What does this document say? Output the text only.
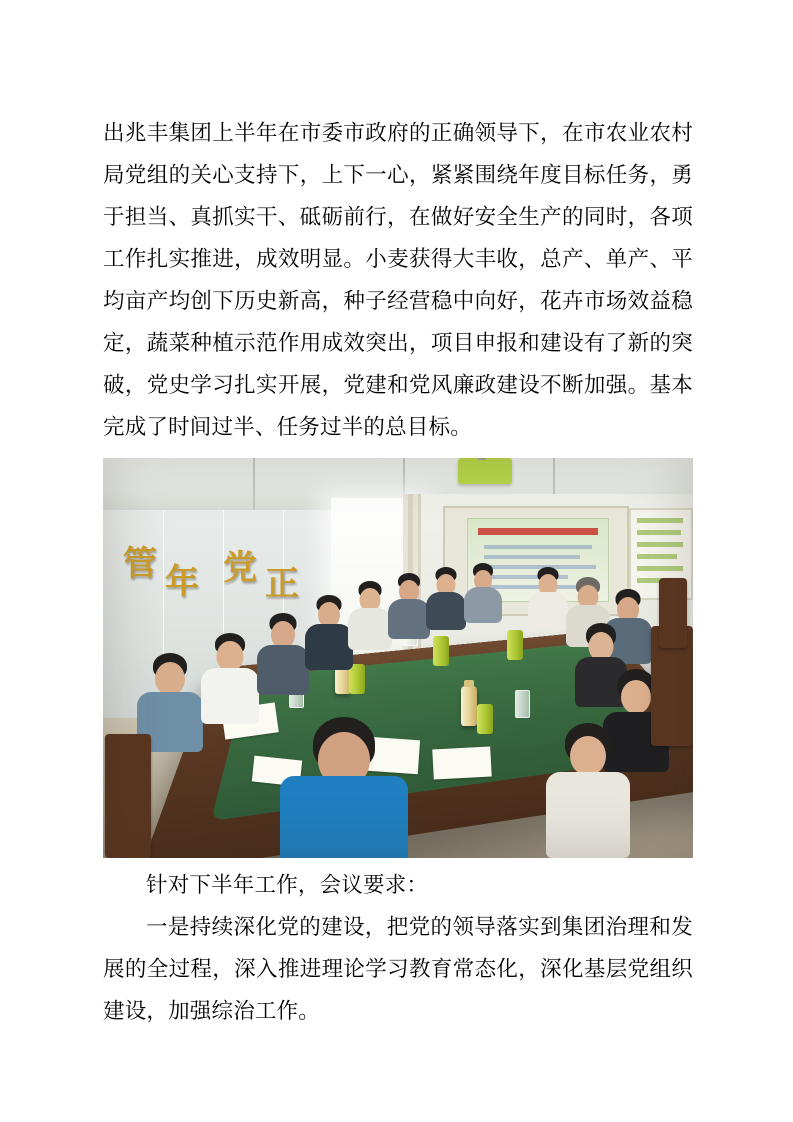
出兆丰集团上半年在市委市政府的正确领导下，在市农业农村局党组的关心支持下，上下一心，紧紧围绕年度目标任务，勇于担当、真抓实干、砥砺前行，在做好安全生产的同时，各项工作扎实推进，成效明显。小麦获得大丰收，总产、单产、平均亩产均创下历史新高，种子经营稳中向好，花卉市场效益稳定，蔬菜种植示范作用成效突出，项目申报和建设有了新的突破，党史学习扎实开展，党建和党风廉政建设不断加强。基本完成了时间过半、任务过半的总目标。

管 年 党 正

针对下半年工作，会议要求：

一是持续深化党的建设，把党的领导落实到集团治理和发展的全过程，深入推进理论学习教育常态化，深化基层党组织建设，加强综治工作。
